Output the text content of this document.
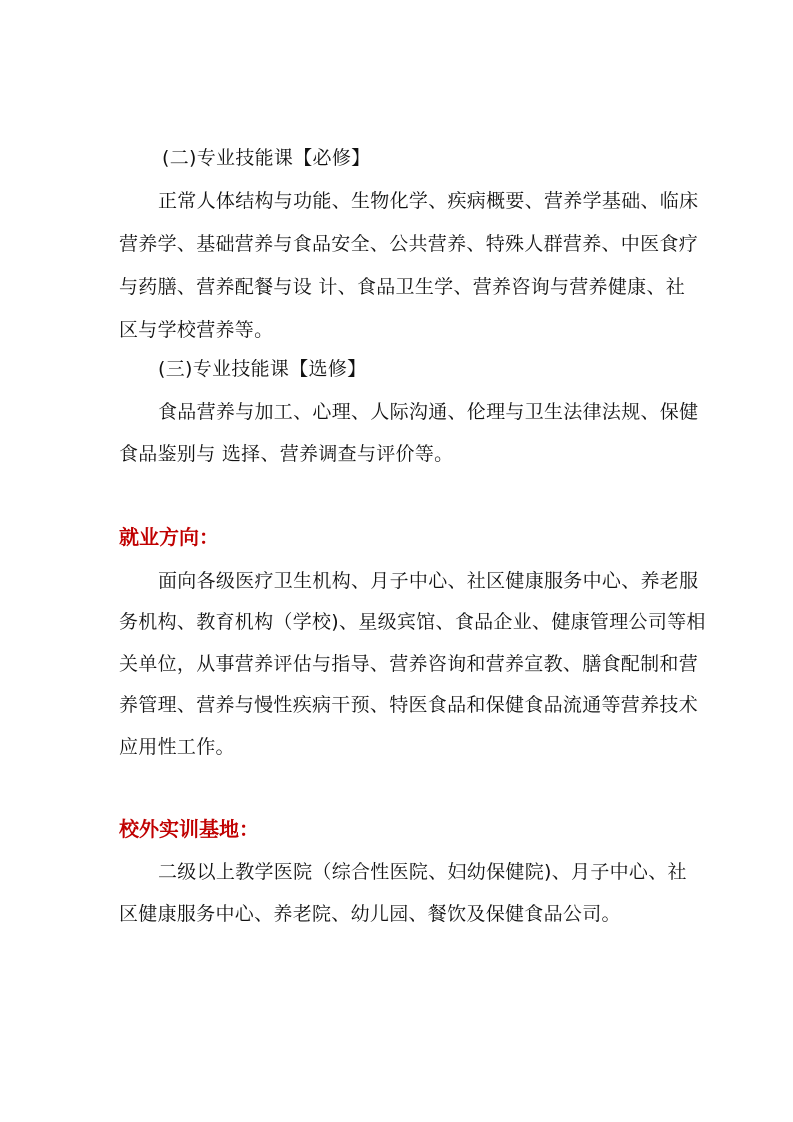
(二)专业技能课【必修】
正常人体结构与功能、生物化学、疾病概要、营养学基础、临床
营养学、基础营养与食品安全、公共营养、特殊人群营养、中医食疗
与药膳、营养配餐与设 计、食品卫生学、营养咨询与营养健康、社
区与学校营养等。
(三)专业技能课【选修】
食品营养与加工、心理、人际沟通、伦理与卫生法律法规、保健
食品鉴别与 选择、营养调查与评价等。
就业方向：
面向各级医疗卫生机构、月子中心、社区健康服务中心、养老服
务机构、教育机构（学校)、星级宾馆、食品企业、健康管理公司等相
关单位，从事营养评估与指导、营养咨询和营养宣教、膳食配制和营
养管理、营养与慢性疾病干预、特医食品和保健食品流通等营养技术
应用性工作。
校外实训基地：
二级以上教学医院（综合性医院、妇幼保健院)、月子中心、社
区健康服务中心、养老院、幼儿园、餐饮及保健食品公司。
